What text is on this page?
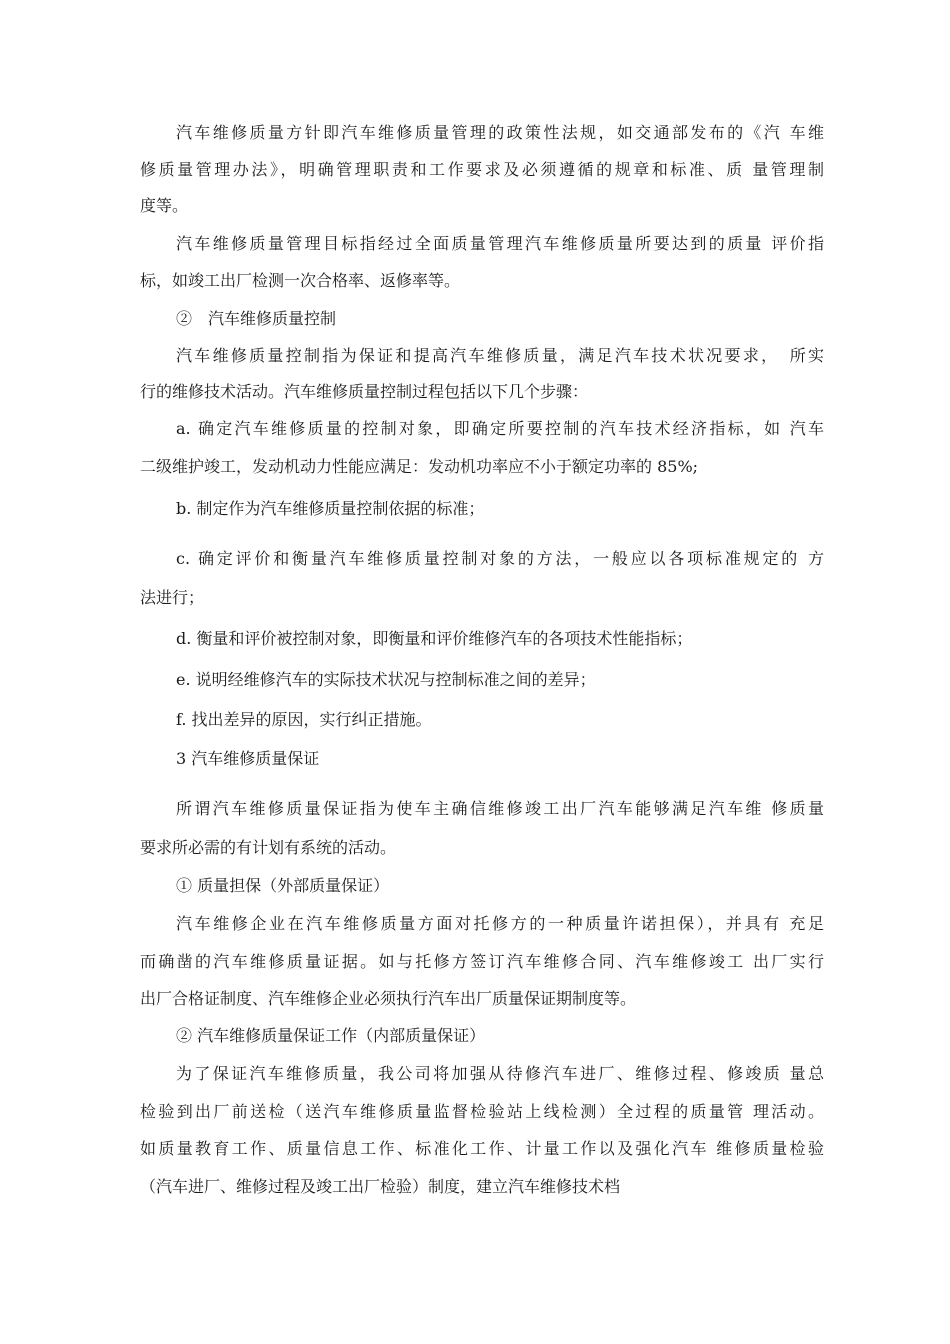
汽车维修质量方针即汽车维修质量管理的政策性法规，如交通部发布的《汽 车维
修质量管理办法》，明确管理职责和工作要求及必须遵循的规章和标准、质 量管理制
度等。
汽车维修质量管理目标指经过全面质量管理汽车维修质量所要达到的质量 评价指
标，如竣工出厂检测一次合格率、返修率等。
②　汽车维修质量控制
汽车维修质量控制指为保证和提高汽车维修质量，满足汽车技术状况要求，　所实
行的维修技术活动。汽车维修质量控制过程包括以下几个步骤：
a. 确定汽车维修质量的控制对象，即确定所要控制的汽车技术经济指标，如 汽车
二级维护竣工，发动机动力性能应满足：发动机功率应不小于额定功率的 85%;
b. 制定作为汽车维修质量控制依据的标准；
c. 确定评价和衡量汽车维修质量控制对象的方法，一般应以各项标准规定的 方
法进行；
d. 衡量和评价被控制对象，即衡量和评价维修汽车的各项技术性能指标；
e. 说明经维修汽车的实际技术状况与控制标准之间的差异；
f. 找出差异的原因，实行纠正措施。
3 汽车维修质量保证
所谓汽车维修质量保证指为使车主确信维修竣工出厂汽车能够满足汽车维 修质量
要求所必需的有计划有系统的活动。
① 质量担保（外部质量保证）
汽车维修企业在汽车维修质量方面对托修方的一种质量许诺担保），并具有 充足
而确凿的汽车维修质量证据。如与托修方签订汽车维修合同、汽车维修竣工 出厂实行
出厂合格证制度、汽车维修企业必须执行汽车出厂质量保证期制度等。
② 汽车维修质量保证工作（内部质量保证）
为了保证汽车维修质量，我公司将加强从待修汽车进厂、维修过程、修竣质 量总
检验到出厂前送检（送汽车维修质量监督检验站上线检测）全过程的质量管 理活动。
如质量教育工作、质量信息工作、标准化工作、计量工作以及强化汽车 维修质量检验
（汽车进厂、维修过程及竣工出厂检验）制度，建立汽车维修技术档
